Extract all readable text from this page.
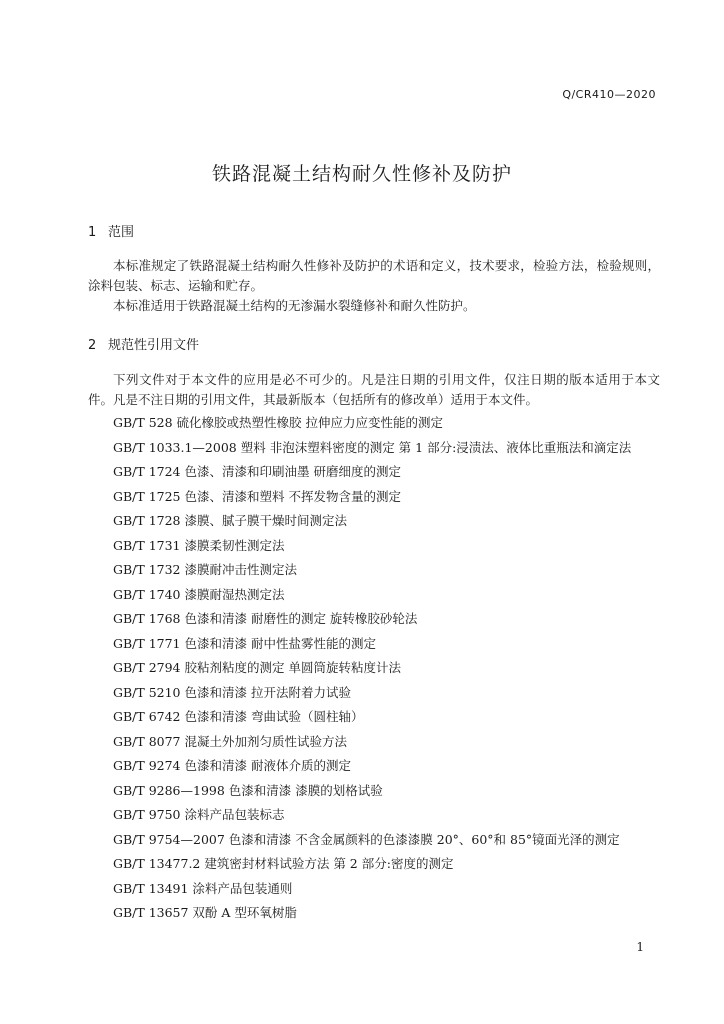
Q/CR410—2020
铁路混凝土结构耐久性修补及防护
1 范围

本标准规定了铁路混凝土结构耐久性修补及防护的术语和定义，技术要求，检验方法，检验规则，涂料包装、标志、运输和贮存。

本标准适用于铁路混凝土结构的无渗漏水裂缝修补和耐久性防护。

2 规范性引用文件

下列文件对于本文件的应用是必不可少的。凡是注日期的引用文件，仅注日期的版本适用于本文件。凡是不注日期的引用文件，其最新版本（包括所有的修改单）适用于本文件。

GB/T 528 硫化橡胶或热塑性橡胶 拉伸应力应变性能的测定
GB/T 1033.1—2008 塑料 非泡沫塑料密度的测定 第 1 部分:浸渍法、液体比重瓶法和滴定法
GB/T 1724 色漆、清漆和印刷油墨 研磨细度的测定
GB/T 1725 色漆、清漆和塑料 不挥发物含量的测定
GB/T 1728 漆膜、腻子膜干燥时间测定法
GB/T 1731 漆膜柔韧性测定法
GB/T 1732 漆膜耐冲击性测定法
GB/T 1740 漆膜耐湿热测定法
GB/T 1768 色漆和清漆 耐磨性的测定 旋转橡胶砂轮法
GB/T 1771 色漆和清漆 耐中性盐雾性能的测定
GB/T 2794 胶粘剂粘度的测定 单圆筒旋转粘度计法
GB/T 5210 色漆和清漆 拉开法附着力试验
GB/T 6742 色漆和清漆 弯曲试验（圆柱轴）
GB/T 8077 混凝土外加剂匀质性试验方法
GB/T 9274 色漆和清漆 耐液体介质的测定
GB/T 9286—1998 色漆和清漆 漆膜的划格试验
GB/T 9750 涂料产品包装标志
GB/T 9754—2007 色漆和清漆 不含金属颜料的色漆漆膜 20°、60°和 85°镜面光泽的测定
GB/T 13477.2 建筑密封材料试验方法 第 2 部分:密度的测定
GB/T 13491 涂料产品包装通则
GB/T 13657 双酚 A 型环氧树脂
1
